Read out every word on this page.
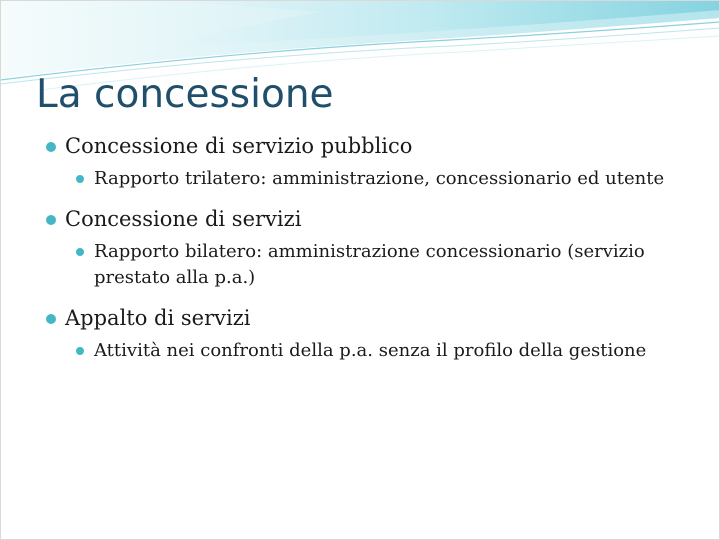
La concessione

Concessione di servizio pubblico

Rapporto trilatero: amministrazione, concessionario ed utente

Concessione di servizi

Rapporto bilatero: amministrazione concessionario (servizio prestato alla p.a.)

Appalto di servizi

Attività nei confronti della p.a. senza il profilo della gestione
